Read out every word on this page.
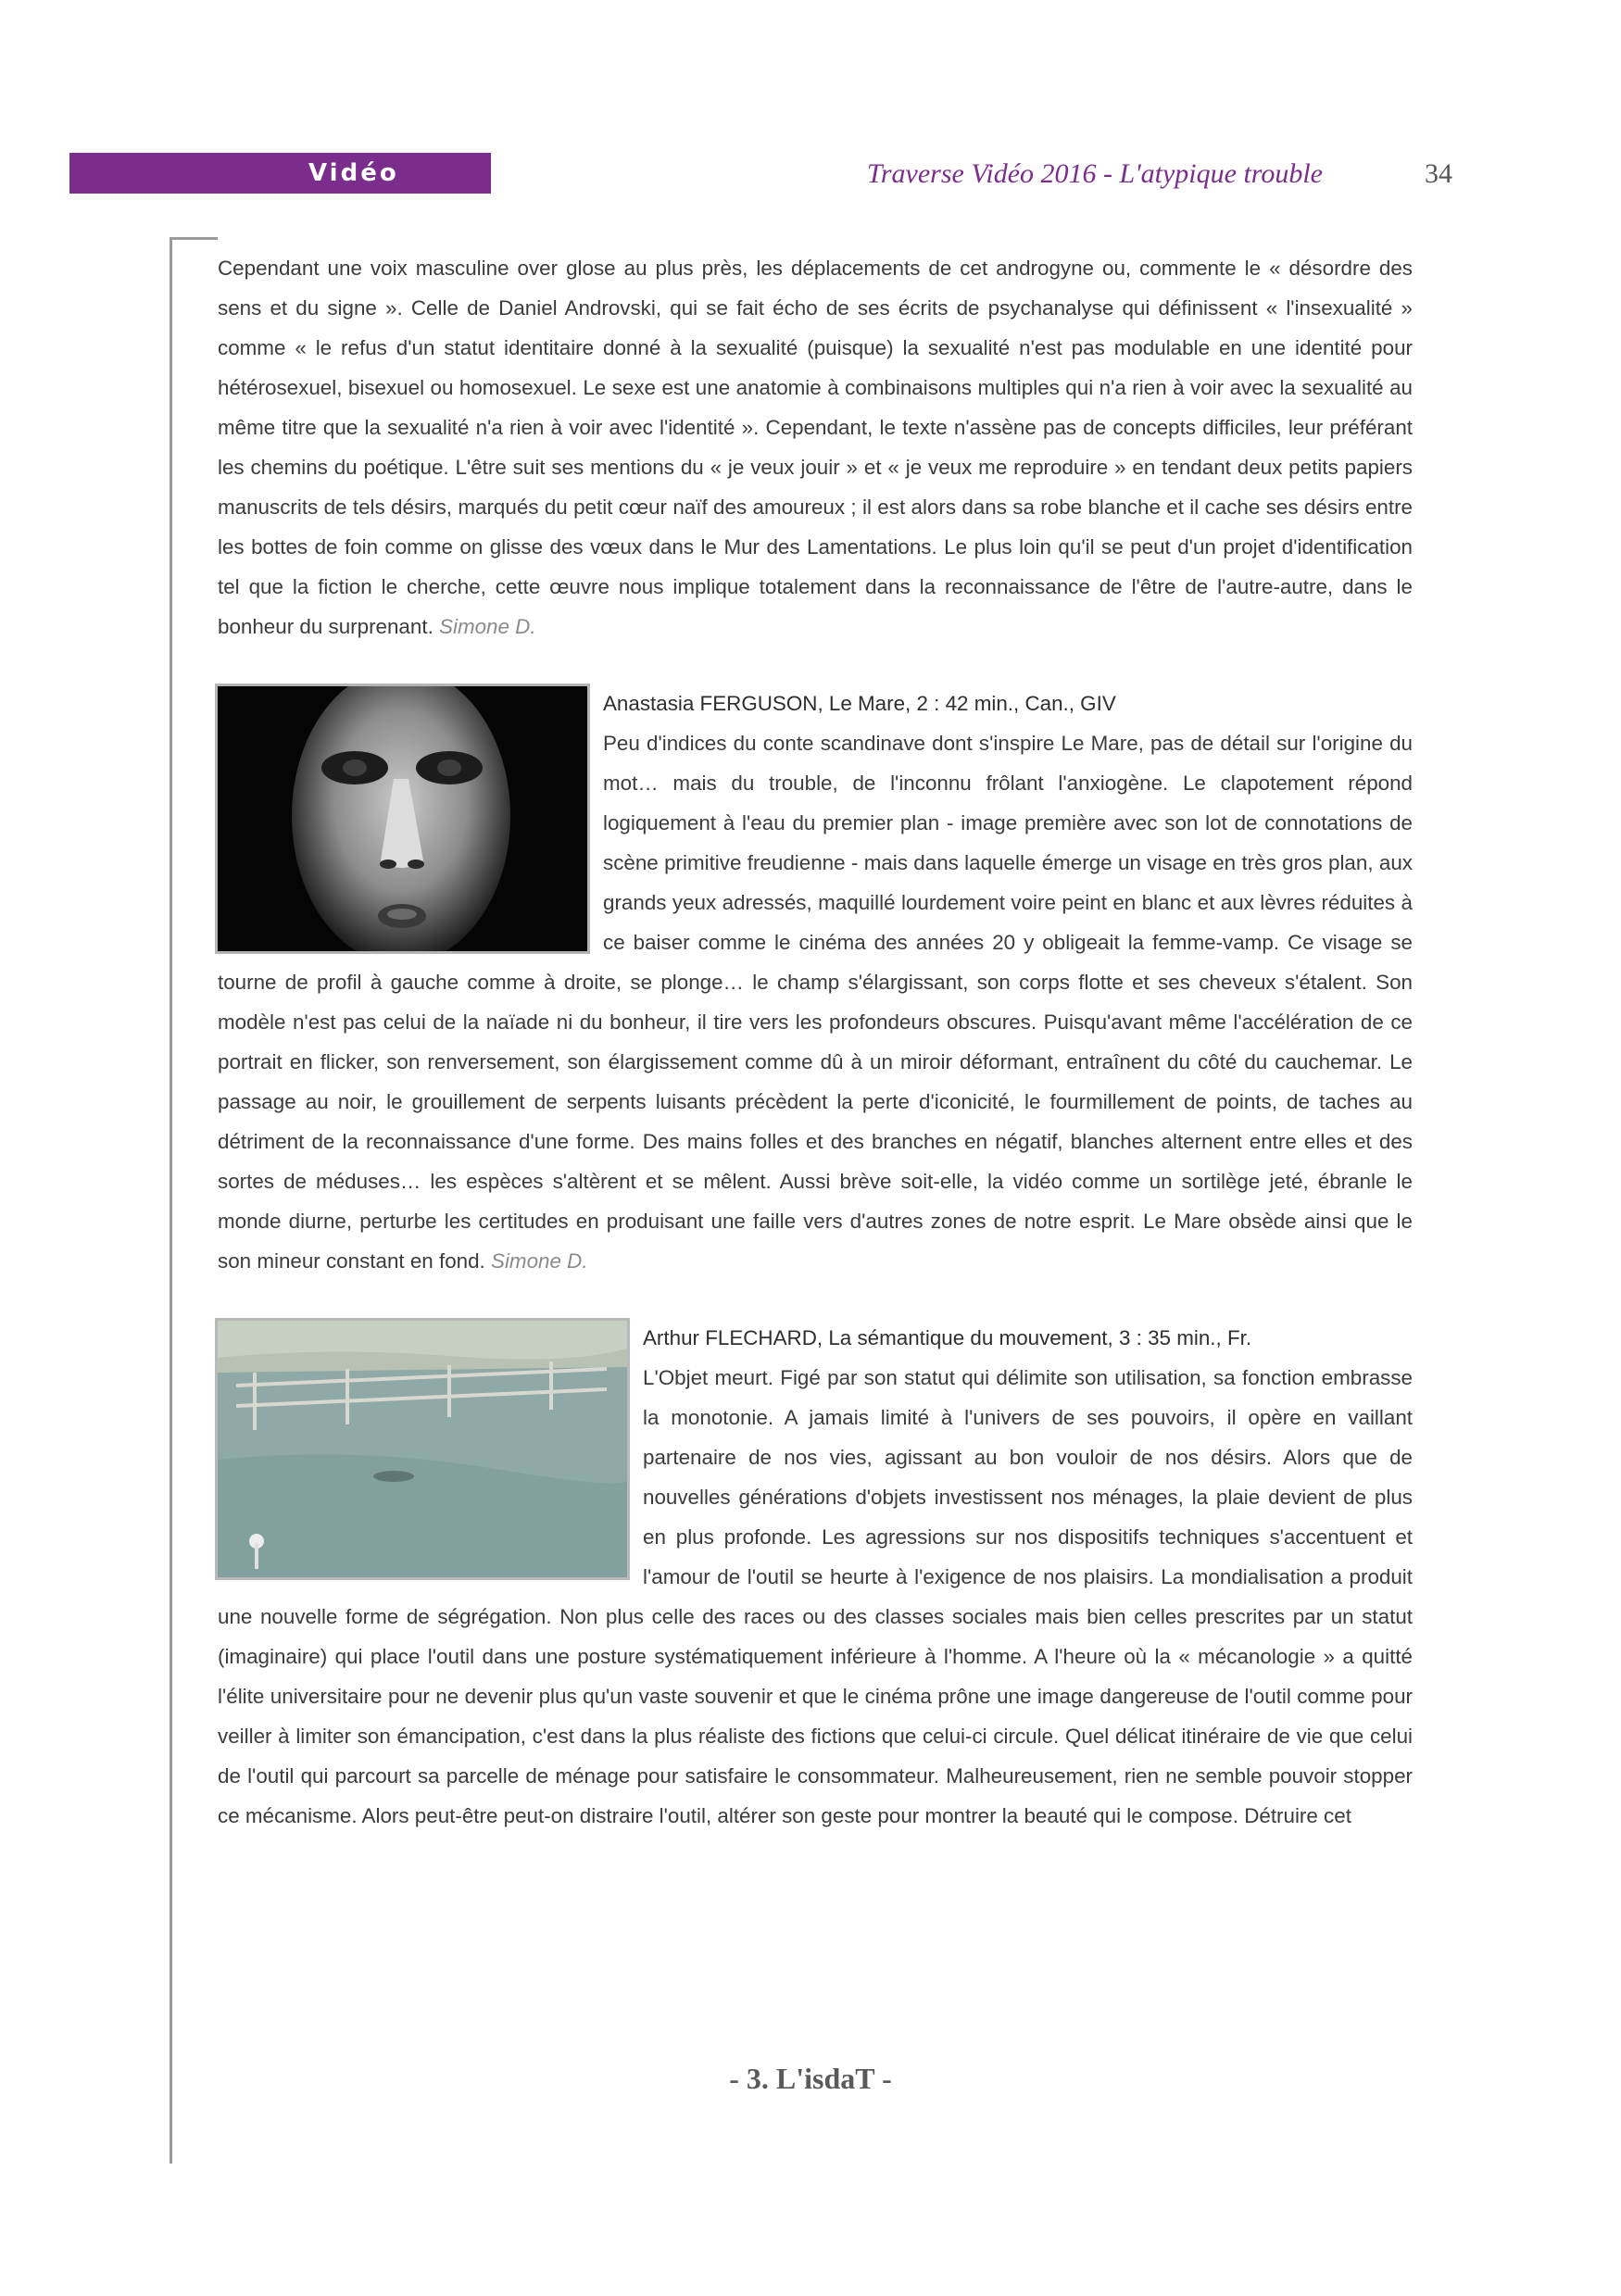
Vidéo	Traverse Vidéo 2016 - L'atypique trouble	34

Cependant une voix masculine over glose au plus près, les déplacements de cet androgyne ou, commente le « désordre des sens et du signe ». Celle de Daniel Androvski, qui se fait écho de ses écrits de psychanalyse qui définissent « l'insexualité » comme « le refus d'un statut identitaire donné à la sexualité (puisque) la sexualité n'est pas modulable en une identité pour hétérosexuel, bisexuel ou homosexuel. Le sexe est une anatomie à combinaisons multiples qui n'a rien à voir avec la sexualité au même titre que la sexualité n'a rien à voir avec l'identité ». Cependant, le texte n'assène pas de concepts difficiles, leur préférant les chemins du poétique. L'être suit ses mentions du « je veux jouir » et « je veux me reproduire » en tendant deux petits papiers manuscrits de tels désirs, marqués du petit cœur naïf des amoureux ; il est alors dans sa robe blanche et il cache ses désirs entre les bottes de foin comme on glisse des vœux dans le Mur des Lamentations. Le plus loin qu'il se peut d'un projet d'identification tel que la fiction le cherche, cette œuvre nous implique totalement dans la reconnaissance de l'être de l'autre-autre, dans le bonheur du surprenant. Simone D.

Anastasia FERGUSON, Le Mare, 2 : 42 min., Can., GIV
Peu d'indices du conte scandinave dont s'inspire Le Mare, pas de détail sur l'origine du mot… mais du trouble, de l'inconnu frôlant l'anxiogène. Le clapotement répond logiquement à l'eau du premier plan - image première avec son lot de connotations de scène primitive freudienne - mais dans laquelle émerge un visage en très gros plan, aux grands yeux adressés, maquillé lourdement voire peint en blanc et aux lèvres réduites à ce baiser comme le cinéma des années 20 y obligeait la femme-vamp. Ce visage se tourne de profil à gauche comme à droite, se plonge… le champ s'élargissant, son corps flotte et ses cheveux s'étalent. Son modèle n'est pas celui de la naïade ni du bonheur, il tire vers les profondeurs obscures. Puisqu'avant même l'accélération de ce portrait en flicker, son renversement, son élargissement comme dû à un miroir déformant, entraînent du côté du cauchemar. Le passage au noir, le grouillement de serpents luisants précèdent la perte d'iconicité, le fourmillement de points, de taches au détriment de la reconnaissance d'une forme. Des mains folles et des branches en négatif, blanches alternent entre elles et des sortes de méduses… les espèces s'altèrent et se mêlent. Aussi brève soit-elle, la vidéo comme un sortilège jeté, ébranle le monde diurne, perturbe les certitudes en produisant une faille vers d'autres zones de notre esprit. Le Mare obsède ainsi que le son mineur constant en fond. Simone D.

Arthur FLECHARD, La sémantique du mouvement, 3 : 35 min., Fr.
L'Objet meurt. Figé par son statut qui délimite son utilisation, sa fonction embrasse la monotonie. A jamais limité à l'univers de ses pouvoirs, il opère en vaillant partenaire de nos vies, agissant au bon vouloir de nos désirs. Alors que de nouvelles générations d'objets investissent nos ménages, la plaie devient de plus en plus profonde. Les agressions sur nos dispositifs techniques s'accentuent et l'amour de l'outil se heurte à l'exigence de nos plaisirs. La mondialisation a produit une nouvelle forme de ségrégation. Non plus celle des races ou des classes sociales mais bien celles prescrites par un statut (imaginaire) qui place l'outil dans une posture systématiquement inférieure à l'homme. A l'heure où la « mécanologie » a quitté l'élite universitaire pour ne devenir plus qu'un vaste souvenir et que le cinéma prône une image dangereuse de l'outil comme pour veiller à limiter son émancipation, c'est dans la plus réaliste des fictions que celui-ci circule. Quel délicat itinéraire de vie que celui de l'outil qui parcourt sa parcelle de ménage pour satisfaire le consommateur. Malheureusement, rien ne semble pouvoir stopper ce mécanisme. Alors peut-être peut-on distraire l'outil, altérer son geste pour montrer la beauté qui le compose. Détruire cet

- 3. L'isdaT -
